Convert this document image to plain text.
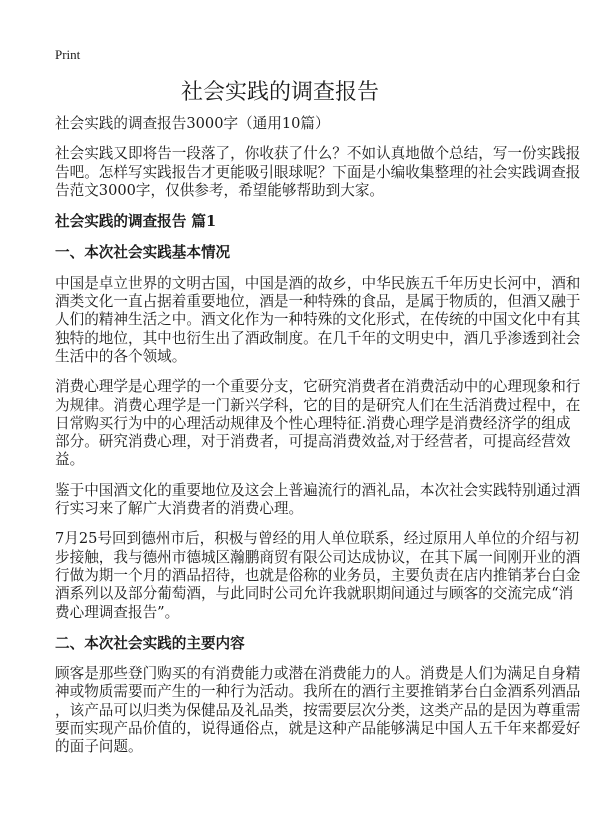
Print
社会实践的调查报告
社会实践的调查报告3000字（通用10篇）
社会实践又即将告一段落了，你收获了什么？不如认真地做个总结，写一份实践报
告吧。怎样写实践报告才更能吸引眼球呢？下面是小编收集整理的社会实践调查报
告范文3000字，仅供参考，希望能够帮助到大家。
社会实践的调查报告 篇1
一、本次社会实践基本情况
中国是卓立世界的文明古国，中国是酒的故乡，中华民族五千年历史长河中，酒和
酒类文化一直占据着重要地位，酒是一种特殊的食品，是属于物质的，但酒又融于
人们的精神生活之中。酒文化作为一种特殊的文化形式，在传统的中国文化中有其
独特的地位，其中也衍生出了酒政制度。在几千年的文明史中，酒几乎渗透到社会
生活中的各个领域。
消费心理学是心理学的一个重要分支，它研究消费者在消费活动中的心理现象和行
为规律。消费心理学是一门新兴学科，它的目的是研究人们在生活消费过程中，在
日常购买行为中的心理活动规律及个性心理特征.消费心理学是消费经济学的组成
部分。研究消费心理，对于消费者，可提高消费效益,对于经营者，可提高经营效
益。
鉴于中国酒文化的重要地位及这会上普遍流行的酒礼品，本次社会实践特别通过酒
行实习来了解广大消费者的消费心理。
7月25号回到德州市后，积极与曾经的用人单位联系，经过原用人单位的介绍与初
步接触，我与德州市德城区瀚鹏商贸有限公司达成协议，在其下属一间刚开业的酒
行做为期一个月的酒品招待，也就是俗称的业务员，主要负责在店内推销茅台白金
酒系列以及部分葡萄酒，与此同时公司允许我就职期间通过与顾客的交流完成“消
费心理调查报告”。
二、本次社会实践的主要内容
顾客是那些登门购买的有消费能力或潜在消费能力的人。消费是人们为满足自身精
神或物质需要而产生的一种行为活动。我所在的酒行主要推销茅台白金酒系列酒品
，该产品可以归类为保健品及礼品类，按需要层次分类，这类产品的是因为尊重需
要而实现产品价值的，说得通俗点，就是这种产品能够满足中国人五千年来都爱好
的面子问题。
